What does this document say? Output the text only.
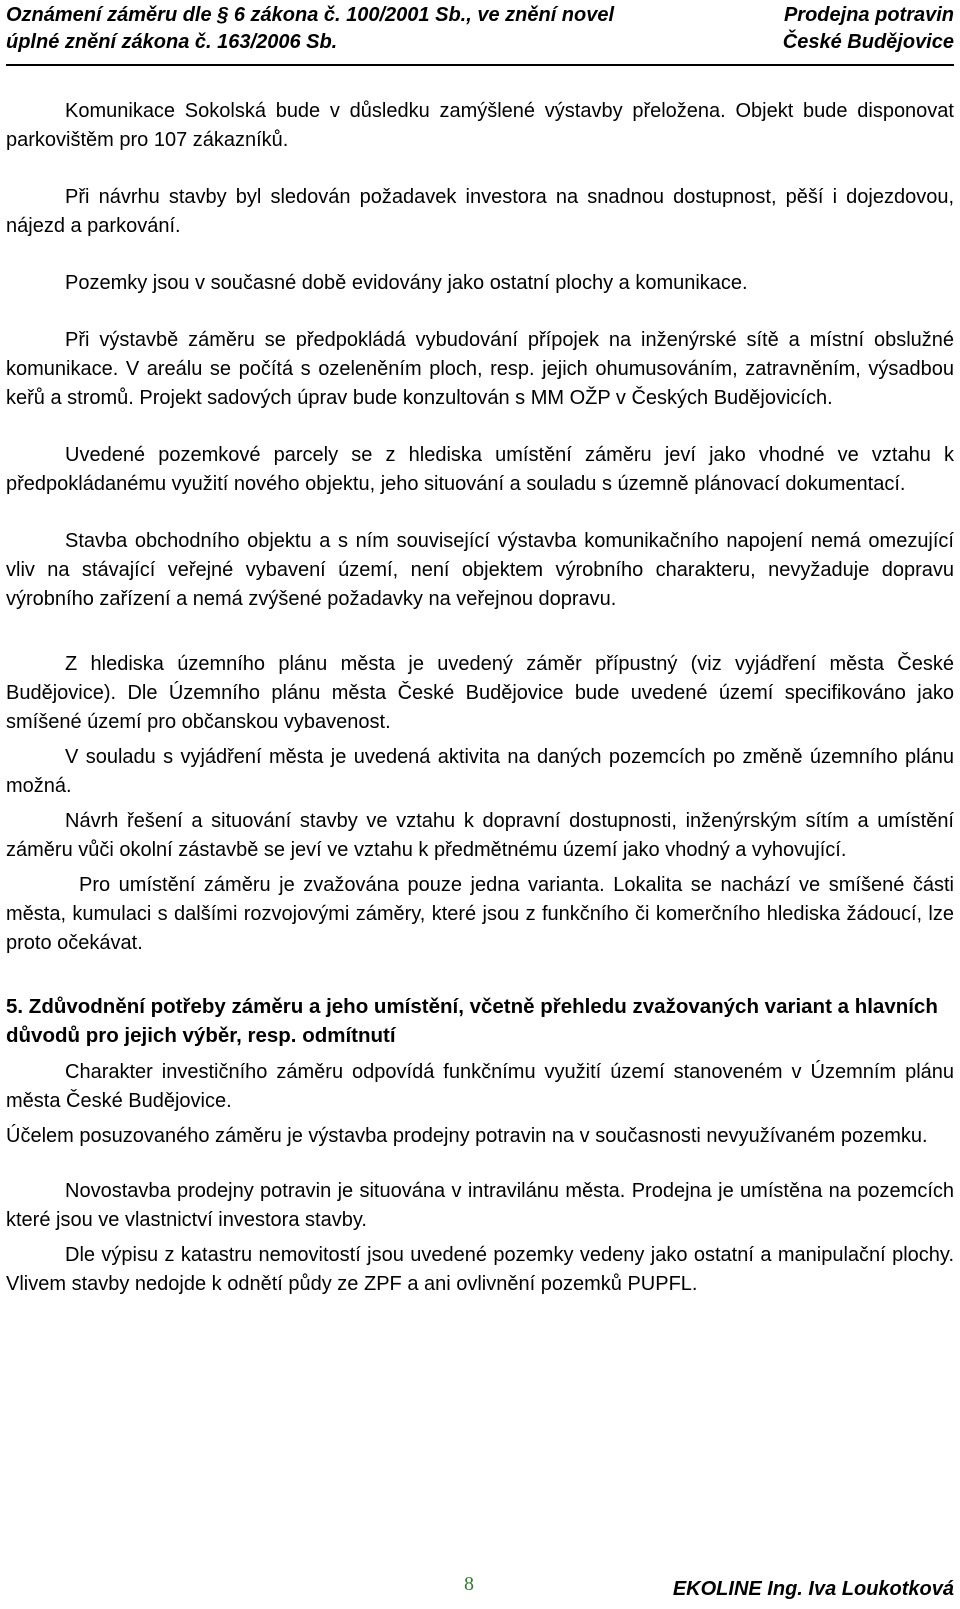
Oznámení záměru dle § 6 zákona č. 100/2001 Sb., ve znění novel
úplné znění zákona č. 163/2006 Sb.
Prodejna potravin
České Budějovice

Komunikace Sokolská bude v důsledku zamýšlené výstavby přeložena. Objekt bude disponovat parkovištěm pro 107 zákazníků.

Při návrhu stavby byl sledován požadavek investora na snadnou dostupnost, pěší i dojezdovou, nájezd a parkování.

Pozemky jsou v současné době evidovány jako ostatní plochy a komunikace.

Při výstavbě záměru se předpokládá vybudování přípojek na inženýrské sítě a místní obslužné komunikace. V areálu se počítá s ozeleněním ploch, resp. jejich ohumusováním, zatravněním, výsadbou keřů a stromů. Projekt sadových úprav bude konzultován s MM OŽP v Českých Budějovicích.

Uvedené pozemkové parcely se z hlediska umístění záměru jeví jako vhodné ve vztahu k předpokládanému využití nového objektu, jeho situování a souladu s územně plánovací dokumentací.

Stavba obchodního objektu a s ním související výstavba komunikačního napojení nemá omezující vliv na stávající veřejné vybavení území, není objektem výrobního charakteru, nevyžaduje dopravu výrobního zařízení a nemá zvýšené požadavky na veřejnou dopravu.

Z hlediska územního plánu města je uvedený záměr přípustný (viz vyjádření města České Budějovice). Dle Územního plánu města České Budějovice bude uvedené území specifikováno jako smíšené území pro občanskou vybavenost.

V souladu s vyjádření města je uvedená aktivita na daných pozemcích po změně územního plánu možná.

Návrh řešení a situování stavby ve vztahu k dopravní dostupnosti, inženýrským sítím a umístění záměru vůči okolní zástavbě se jeví ve vztahu k předmětnému území jako vhodný a vyhovující.

Pro umístění záměru je zvažována pouze jedna varianta. Lokalita se nachází ve smíšené části města, kumulaci s dalšími rozvojovými záměry, které jsou z funkčního či komerčního hlediska žádoucí, lze proto očekávat.

5. Zdůvodnění potřeby záměru a jeho umístění, včetně přehledu zvažovaných variant a hlavních důvodů pro jejich výběr, resp. odmítnutí

Charakter investičního záměru odpovídá funkčnímu využití území stanoveném v Územním plánu města České Budějovice.

Účelem posuzovaného záměru je výstavba prodejny potravin na v současnosti nevyužívaném pozemku.

Novostavba prodejny potravin je situována v intravilánu města. Prodejna je umístěna na pozemcích které jsou ve vlastnictví investora stavby.

Dle výpisu z katastru nemovitostí jsou uvedené pozemky vedeny jako ostatní a manipulační plochy. Vlivem stavby nedojde k odnětí půdy ze ZPF a ani ovlivnění pozemků PUPFL.

8	EKOLINE Ing. Iva Loukotková
